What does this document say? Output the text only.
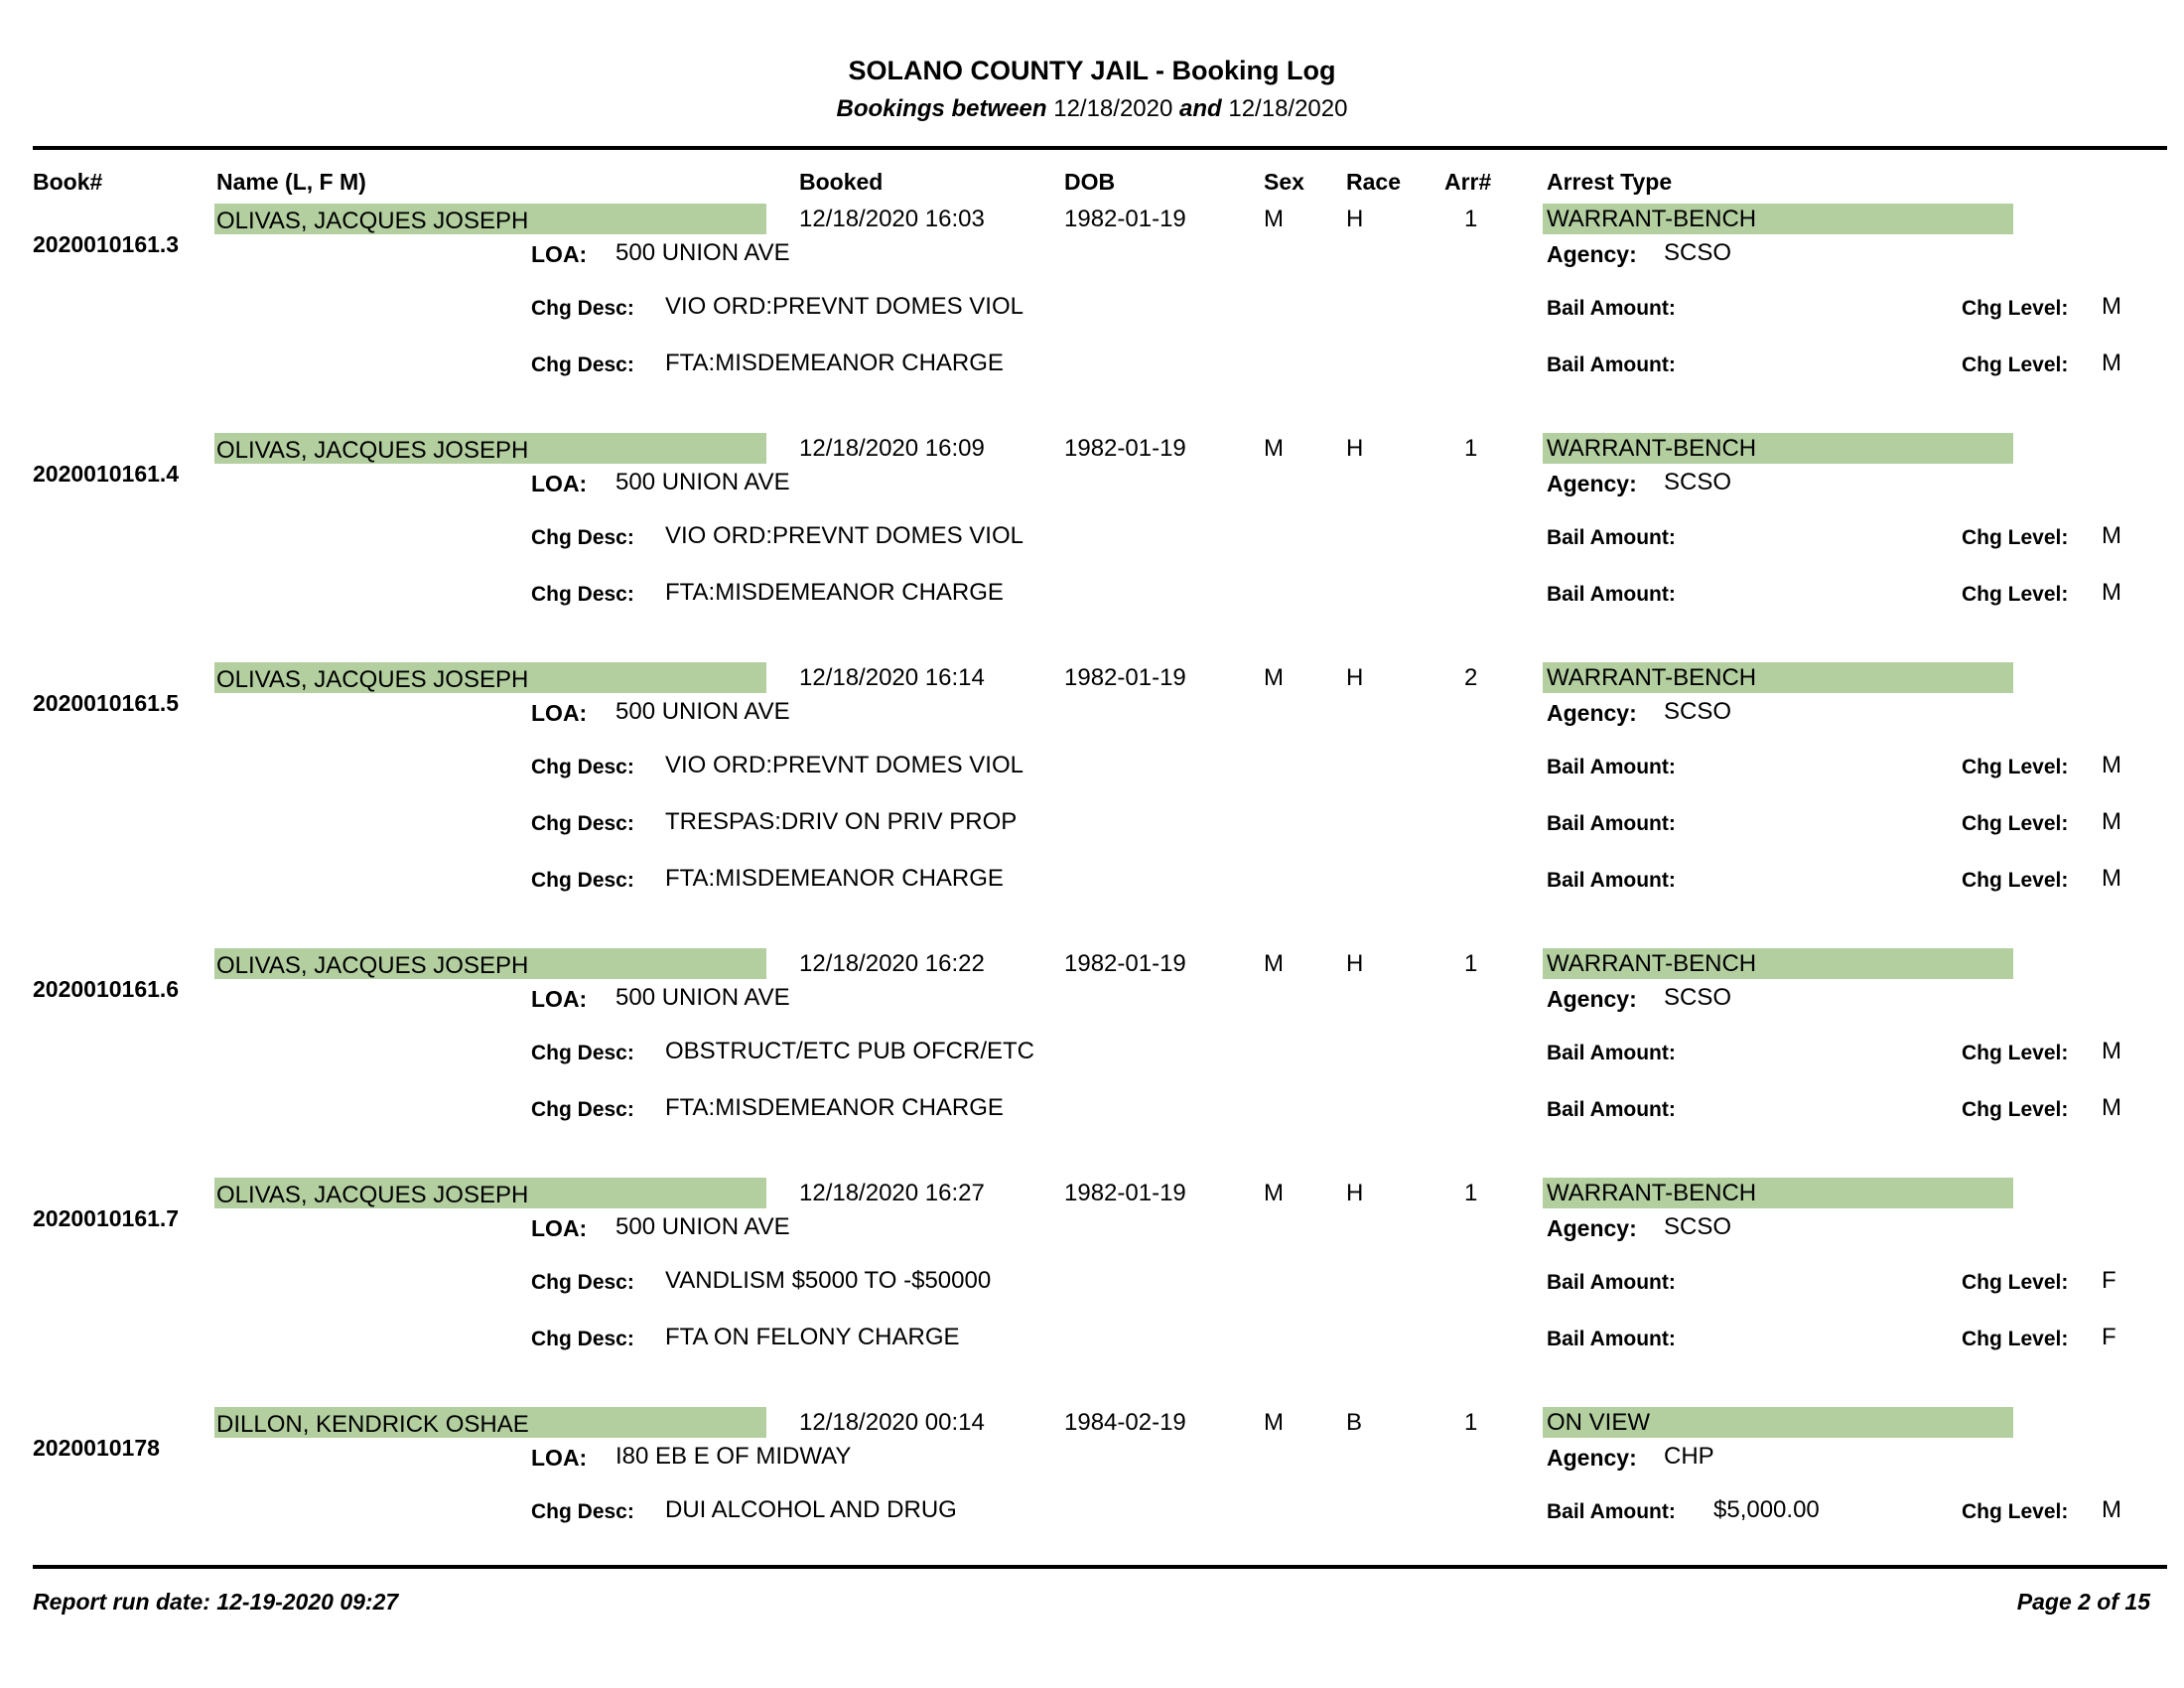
SOLANO COUNTY JAIL - Booking Log
Bookings between 12/18/2020 and 12/18/2020
Book#	Name (L, F M)	Booked	DOB	Sex Race Arr# Arrest Type
2020010161.3
OLIVAS, JACQUES JOSEPH	12/18/2020 16:03	1982-01-19	M	H	1	WARRANT-BENCH
LOA: 500 UNION AVE	Agency: SCSO
Chg Desc: VIO ORD:PREVNT DOMES VIOL	Bail Amount:	Chg Level: M
Chg Desc: FTA:MISDEMEANOR CHARGE	Bail Amount:	Chg Level: M
2020010161.4
OLIVAS, JACQUES JOSEPH	12/18/2020 16:09	1982-01-19	M	H	1	WARRANT-BENCH
LOA: 500 UNION AVE	Agency: SCSO
Chg Desc: VIO ORD:PREVNT DOMES VIOL	Bail Amount:	Chg Level: M
Chg Desc: FTA:MISDEMEANOR CHARGE	Bail Amount:	Chg Level: M
2020010161.5
OLIVAS, JACQUES JOSEPH	12/18/2020 16:14	1982-01-19	M	H	2	WARRANT-BENCH
LOA: 500 UNION AVE	Agency: SCSO
Chg Desc: VIO ORD:PREVNT DOMES VIOL	Bail Amount:	Chg Level: M
Chg Desc: TRESPAS:DRIV ON PRIV PROP	Bail Amount:	Chg Level: M
Chg Desc: FTA:MISDEMEANOR CHARGE	Bail Amount:	Chg Level: M
2020010161.6
OLIVAS, JACQUES JOSEPH	12/18/2020 16:22	1982-01-19	M	H	1	WARRANT-BENCH
LOA: 500 UNION AVE	Agency: SCSO
Chg Desc: OBSTRUCT/ETC PUB OFCR/ETC	Bail Amount:	Chg Level: M
Chg Desc: FTA:MISDEMEANOR CHARGE	Bail Amount:	Chg Level: M
2020010161.7
OLIVAS, JACQUES JOSEPH	12/18/2020 16:27	1982-01-19	M	H	1	WARRANT-BENCH
LOA: 500 UNION AVE	Agency: SCSO
Chg Desc: VANDLISM $5000 TO -$50000	Bail Amount:	Chg Level: F
Chg Desc: FTA ON FELONY CHARGE	Bail Amount:	Chg Level: F
2020010178
DILLON, KENDRICK OSHAE	12/18/2020 00:14	1984-02-19	M	B	1	ON VIEW
LOA: I80 EB E OF MIDWAY	Agency: CHP
Chg Desc: DUI ALCOHOL AND DRUG	Bail Amount: $5,000.00	Chg Level: M
Report run date: 12-19-2020 09:27	Page 2 of 15
